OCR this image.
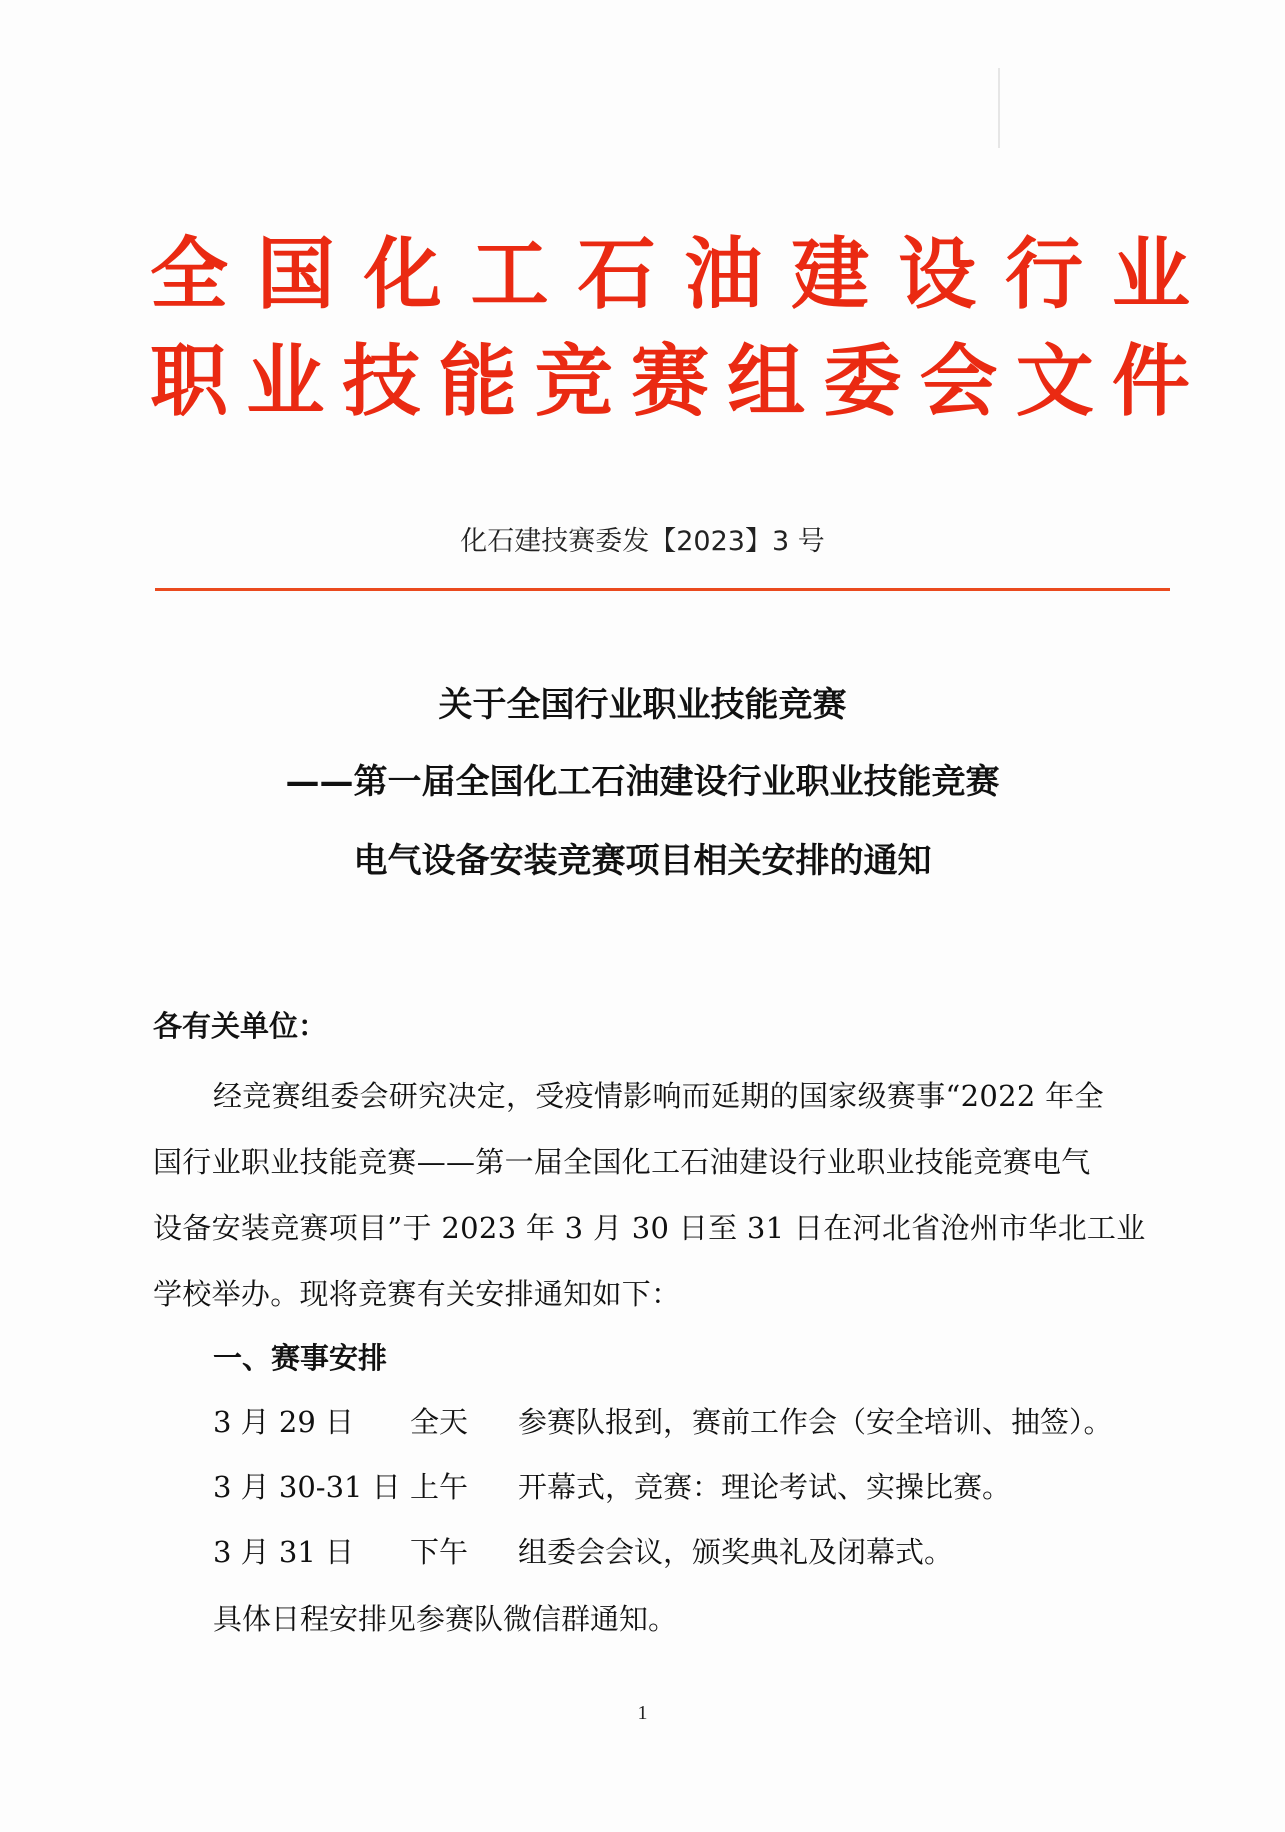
全 国 化 工 石 油 建 设 行 业
职 业 技 能 竞 赛 组 委 会 文 件
化石建技赛委发【2023】3 号
关于全国行业职业技能竞赛
——第一届全国化工石油建设行业职业技能竞赛
电气设备安装竞赛项目相关安排的通知
各有关单位：
经竞赛组委会研究决定，受疫情影响而延期的国家级赛事“2022 年全
国行业职业技能竞赛——第一届全国化工石油建设行业职业技能竞赛电气
设备安装竞赛项目”于 2023 年 3 月 30 日至 31 日在河北省沧州市华北工业
学校举办。现将竞赛有关安排通知如下：
一、赛事安排
3 月 29 日 全天 参赛队报到，赛前工作会（安全培训、抽签）。
3 月 30-31 日 上午 开幕式，竞赛：理论考试、实操比赛。
3 月 31 日 下午 组委会会议，颁奖典礼及闭幕式。
具体日程安排见参赛队微信群通知。
1
